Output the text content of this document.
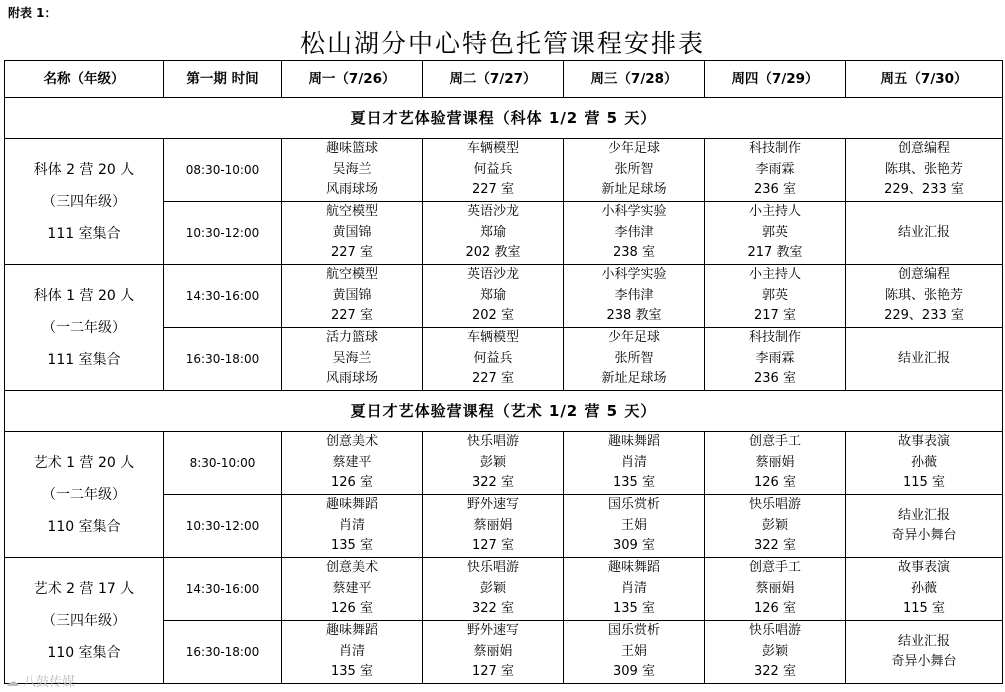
附表 1：
松山湖分中心特色托管课程安排表
名称（年级）	第一期 时间	周一（7/26）	周二（7/27）	周三（7/28）	周四（7/29）	周五（7/30）
夏日才艺体验营课程（科体 1/2 营 5 天）						

科体 2 营 20 人
（三四年级）
111 室集合	08:30-10:00	趣味篮球
吴海兰
风雨球场	车辆模型
何益兵
227 室	少年足球
张所智
新址足球场	科技制作
李雨霖
236 室	创意编程
陈琪、张艳芳
229、233 室

	10:30-12:00	航空模型
黄国锦
227 室	英语沙龙
郑瑜
202 教室	小科学实验
李伟津
238 室	小主持人
郭英
217 教室	结业汇报

科体 1 营 20 人
（一二年级）
111 室集合	14:30-16:00	航空模型
黄国锦
227 室	英语沙龙
郑瑜
202 室	小科学实验
李伟津
238 教室	小主持人
郭英
217 室	创意编程
陈琪、张艳芳
229、233 室

	16:30-18:00	活力篮球
吴海兰
风雨球场	车辆模型
何益兵
227 室	少年足球
张所智
新址足球场	科技制作
李雨霖
236 室	结业汇报

夏日才艺体验营课程（艺术 1/2 营 5 天）						

艺术 1 营 20 人
（一二年级）
110 室集合	8:30-10:00	创意美术
蔡建平
126 室	快乐唱游
彭颖
322 室	趣味舞蹈
肖清
135 室	创意手工
蔡丽娟
126 室	故事表演
孙薇
115 室

	10:30-12:00	趣味舞蹈
肖清
135 室	野外速写
蔡丽娟
127 室	国乐赏析
王娟
309 室	快乐唱游
彭颖
322 室	结业汇报
奇异小舞台

艺术 2 营 17 人
（三四年级）
110 室集合	14:30-16:00	创意美术
蔡建平
126 室	快乐唱游
彭颖
322 室	趣味舞蹈
肖清
135 室	创意手工
蔡丽娟
126 室	故事表演
孙薇
115 室

	16:30-18:00	趣味舞蹈
肖清
135 室	野外速写
蔡丽娟
127 室	国乐赏析
王娟
309 室	快乐唱游
彭颖
322 室	结业汇报
奇异小舞台
☁ 八鼓传媒
